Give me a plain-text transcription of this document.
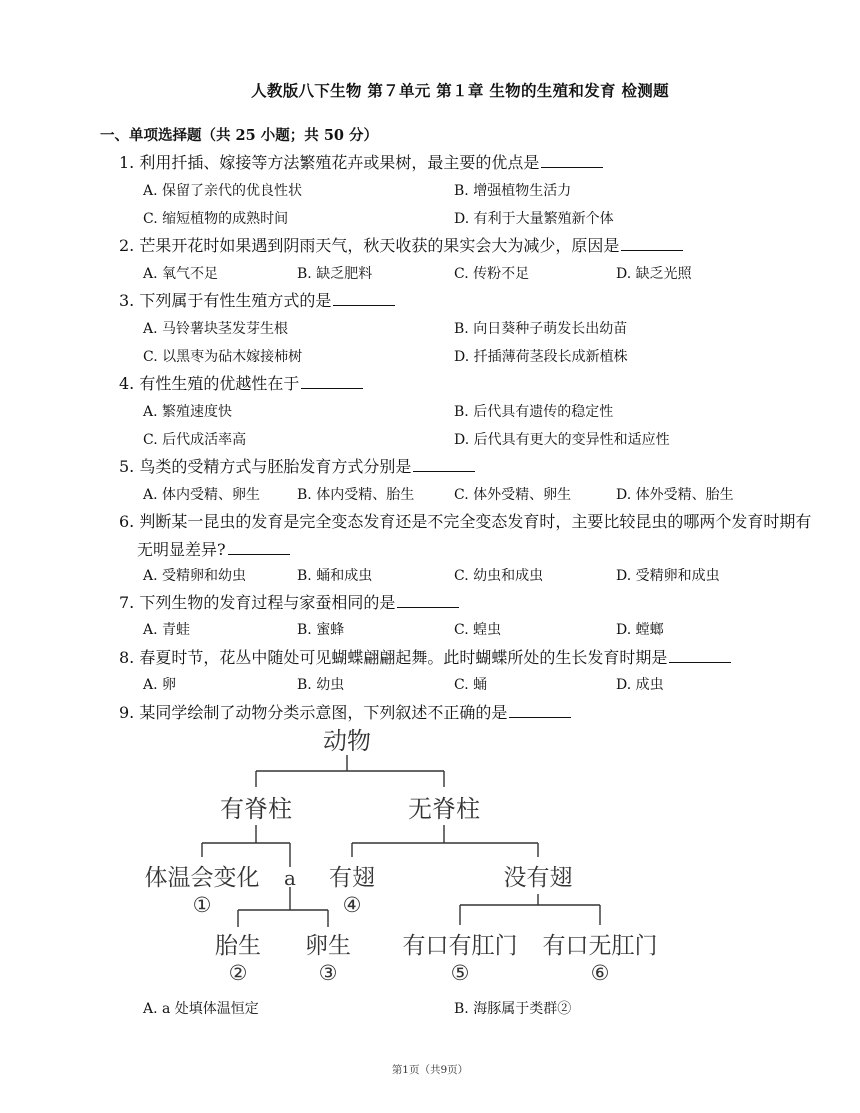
人教版八下生物 第７单元 第１章 生物的生殖和发育 检测题
一、单项选择题（共 25 小题；共 50 分）
1. 利用扦插、嫁接等方法繁殖花卉或果树，最主要的优点是
A. 保留了亲代的优良性状	B. 增强植物生活力
C. 缩短植物的成熟时间	D. 有利于大量繁殖新个体
2. 芒果开花时如果遇到阴雨天气，秋天收获的果实会大为减少，原因是
A. 氧气不足	B. 缺乏肥料	C. 传粉不足	D. 缺乏光照
3. 下列属于有性生殖方式的是
A. 马铃薯块茎发芽生根	B. 向日葵种子萌发长出幼苗
C. 以黑枣为砧木嫁接柿树	D. 扦插薄荷茎段长成新植株
4. 有性生殖的优越性在于
A. 繁殖速度快	B. 后代具有遗传的稳定性
C. 后代成活率高	D. 后代具有更大的变异性和适应性
5. 鸟类的受精方式与胚胎发育方式分别是
A. 体内受精、卵生	B. 体内受精、胎生	C. 体外受精、卵生	D. 体外受精、胎生
6. 判断某一昆虫的发育是完全变态发育还是不完全变态发育时，主要比较昆虫的哪两个发育时期有
无明显差异?
A. 受精卵和幼虫	B. 蛹和成虫	C. 幼虫和成虫	D. 受精卵和成虫
7. 下列生物的发育过程与家蚕相同的是
A. 青蛙	B. 蜜蜂	C. 蝗虫	D. 螳螂
8. 春夏时节，花丛中随处可见蝴蝶翩翩起舞。此时蝴蝶所处的生长发育时期是
A. 卵	B. 幼虫	C. 蛹	D. 成虫
9. 某同学绘制了动物分类示意图，下列叙述不正确的是
动物
有脊柱	无脊柱
体温会变化 a 有翅	没有翅
①	④
胎生 卵生 有口有肛门 有口无肛门
②	③	⑤	⑥
A. a 处填体温恒定	B. 海豚属于类群②
第1页（共9页）
